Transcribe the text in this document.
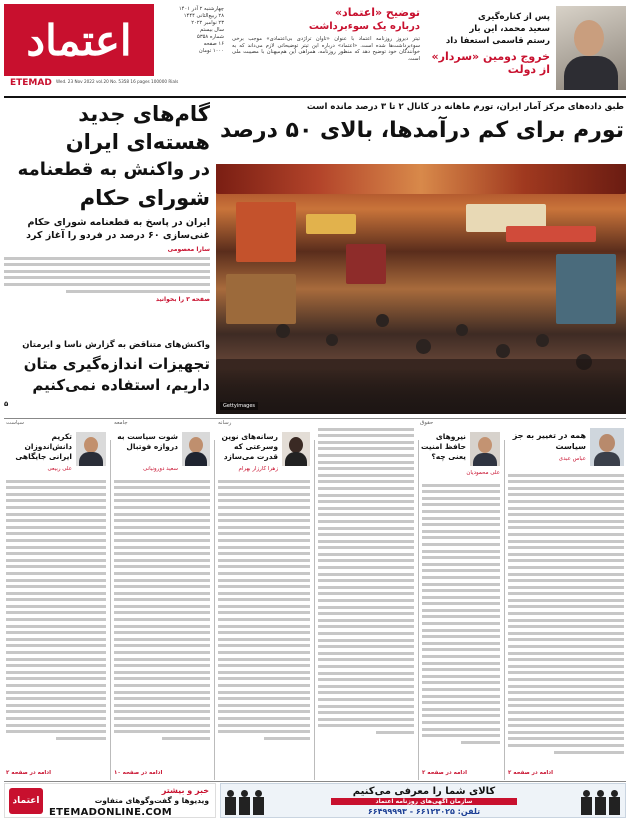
اعتماد
ETEMAD Wed. 23 Nov 2022 vol.20 No. 5358 16 pages 100000 Rials
چهارشنبه ۲ آذر ۱۴۰۱
۲۸ ربیع‌الثانی ۱۴۴۴
۲۳ نوامبر ۲۰۲۲
سال بیستم
شماره ۵۳۵۸
۱۶ صفحه
۱۰۰۰ تومان
توضیح «اعتماد»
درباره یک سوءبرداشت
تیتر دیروز روزنامه اعتماد با عنوان «تاوان تراژدی بی‌اعتمادی» موجب برخی سوءبرداشت‌ها شده است. «اعتماد» درباره این تیتر توضیحاتی لازم می‌داند که به خوانندگان خود توضیح دهد که منظور روزنامه، همراهی این هم‌میهنان با مصیبت ملی است.
پس از کناره‌گیری
سعید محمد، این بار
رستم قاسمی استعفا داد
خروج دومین «سردار» از دولت
طبق داده‌های مرکز آمار ایران، تورم ماهانه در کانال ۲ تا ۳ درصد مانده است
تورم برای کم درآمدها، بالای ۵۰ درصد
Gettyimages
گام‌های جدید
هسته‌ای ایران
در واکنش به قطعنامه
شورای حکام
ایران در پاسخ به قطعنامه شورای حکام غنی‌سازی ۶۰ درصد در فردو را آغاز کرد
سارا معصومی
صفحه ۳ را بخوانید
واکنش‌های متناقض به گزارش ناسا و ایرمتان
تجهیزات اندازه‌گیری متان
داریم، استفاده نمی‌کنیم
۵
همه در تغییر به جز سیاست
عباس عبدی
ادامه در صفحه ۲
حقوق
نیروهای حافظ امنیت یعنی چه؟
علی محمودیان
ادامه در صفحه ۲
رسانه
رسانه‌های نوین وسرعتی که قدرت می‌سازد
زهرا کارزار بهرام
جامعه
شوت سیاست به دروازه فوتبال
سعید دورونیانی
ادامه در صفحه ۱۰
سیاست
تکریم دانش‌اندوزان ایرانی جایگاهی
علی ربیعی
ادامه در صفحه ۲
اعتماد
خبر و بیشتر
ویدیوها و گفت‌وگوهای متفاوت
ETEMADONLINE.COM
کالای شما را معرفی می‌کنیم
سازمان آگهی‌های روزنامه اعتماد
تلفن: ۶۶۱۲۳۰۲۵ - ۶۶۴۹۹۹۹۳
